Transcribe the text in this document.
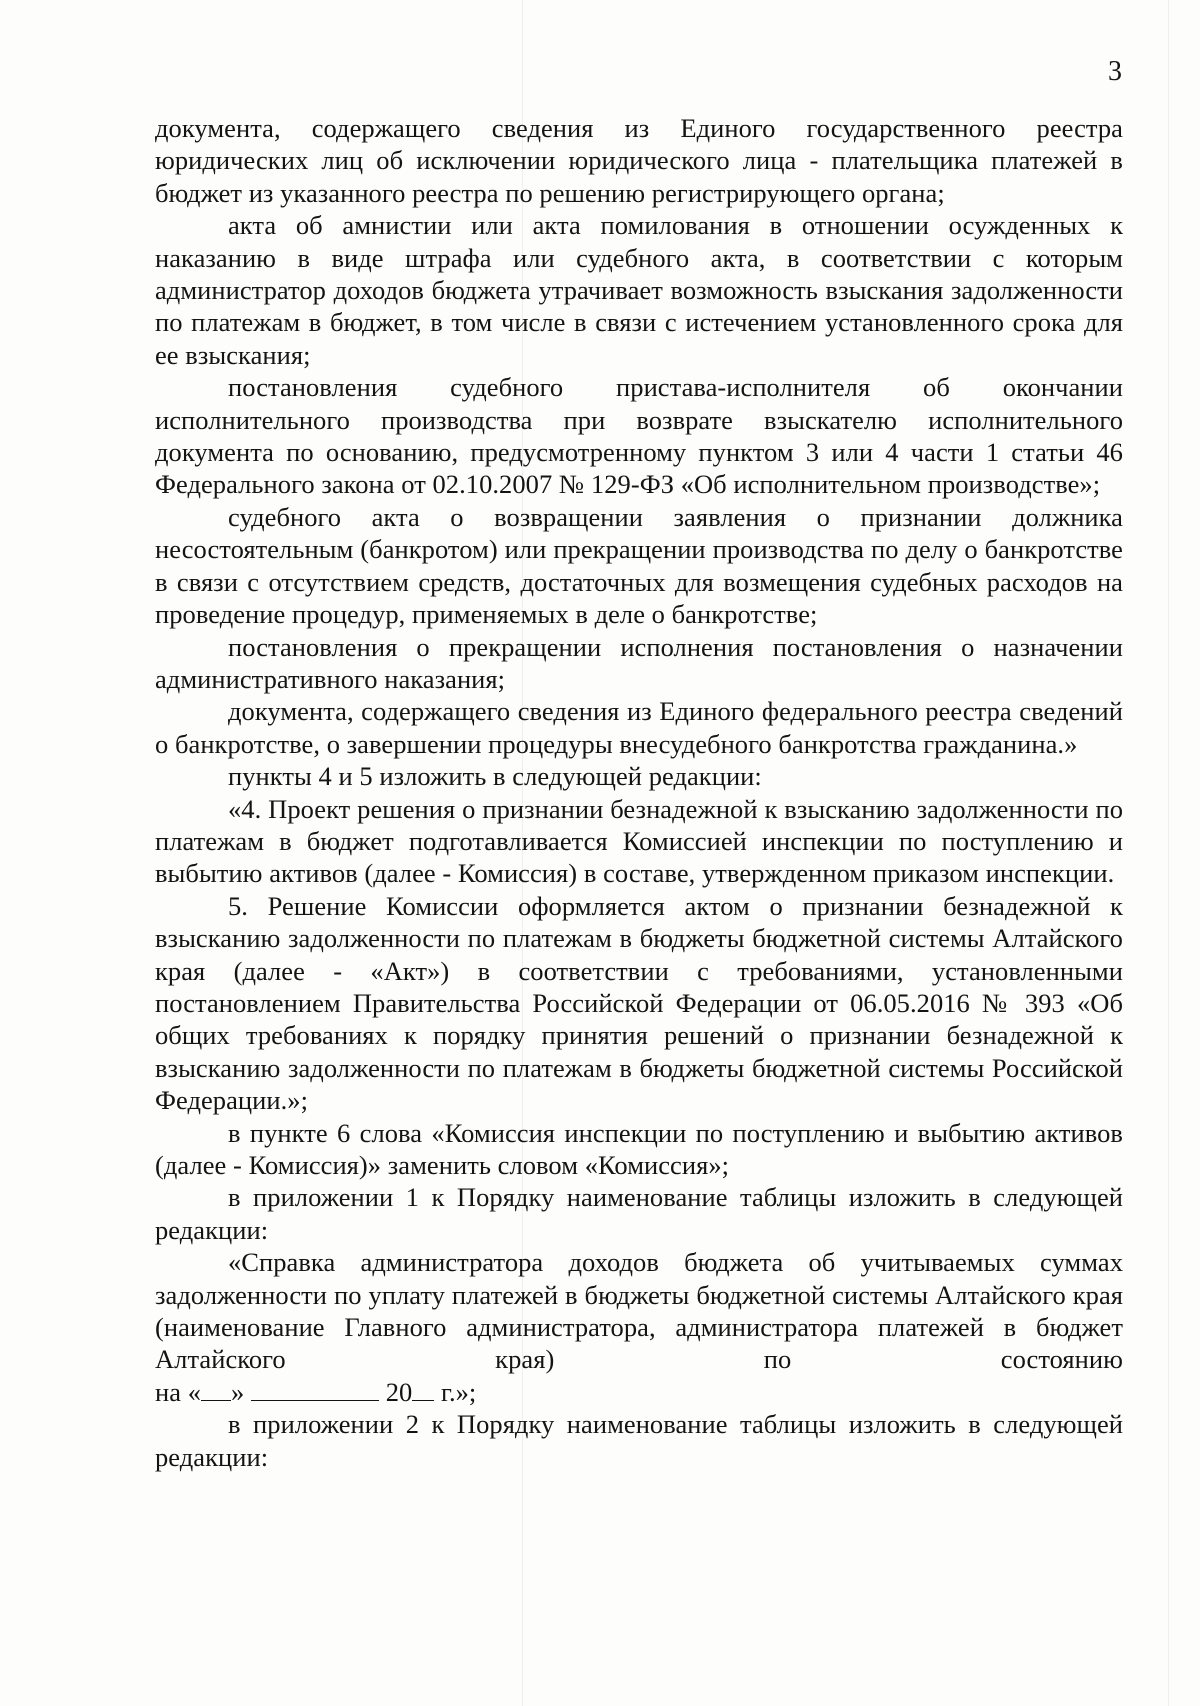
3

документа, содержащего сведения из Единого государственного реестра юридических лиц об исключении юридического лица - плательщика платежей в бюджет из указанного реестра по решению регистрирующего органа;

акта об амнистии или акта помилования в отношении осужденных к наказанию в виде штрафа или судебного акта, в соответствии с которым администратор доходов бюджета утрачивает возможность взыскания задолженности по платежам в бюджет, в том числе в связи с истечением установленного срока для ее взыскания;

постановления судебного пристава-исполнителя об окончании исполнительного производства при возврате взыскателю исполнительного документа по основанию, предусмотренному пунктом 3 или 4 части 1 статьи 46 Федерального закона от 02.10.2007 № 129-ФЗ «Об исполнительном производстве»;

судебного акта о возвращении заявления о признании должника несостоятельным (банкротом) или прекращении производства по делу о банкротстве в связи с отсутствием средств, достаточных для возмещения судебных расходов на проведение процедур, применяемых в деле о банкротстве;

постановления о прекращении исполнения постановления о назначении административного наказания;

документа, содержащего сведения из Единого федерального реестра сведений о банкротстве, о завершении процедуры внесудебного банкротства гражданина.»

пункты 4 и 5 изложить в следующей редакции:

«4. Проект решения о признании безнадежной к взысканию задолженности по платежам в бюджет подготавливается Комиссией инспекции по поступлению и выбытию активов (далее - Комиссия) в составе, утвержденном приказом инспекции.

5. Решение Комиссии оформляется актом о признании безнадежной к взысканию задолженности по платежам в бюджеты бюджетной системы Алтайского края (далее - «Акт») в соответствии с требованиями, установленными постановлением Правительства Российской Федерации от 06.05.2016 № 393 «Об общих требованиях к порядку принятия решений о признании безнадежной к взысканию задолженности по платежам в бюджеты бюджетной системы Российской Федерации.»;

в пункте 6 слова «Комиссия инспекции по поступлению и выбытию активов (далее - Комиссия)» заменить словом «Комиссия»;

в приложении 1 к Порядку наименование таблицы изложить в следующей редакции:

«Справка администратора доходов бюджета об учитываемых суммах задолженности по уплату платежей в бюджеты бюджетной системы Алтайского края (наименование Главного администратора, администратора платежей в бюджет Алтайского края) по состоянию

на « »	20 г.»;

в приложении 2 к Порядку наименование таблицы изложить в следующей редакции:
